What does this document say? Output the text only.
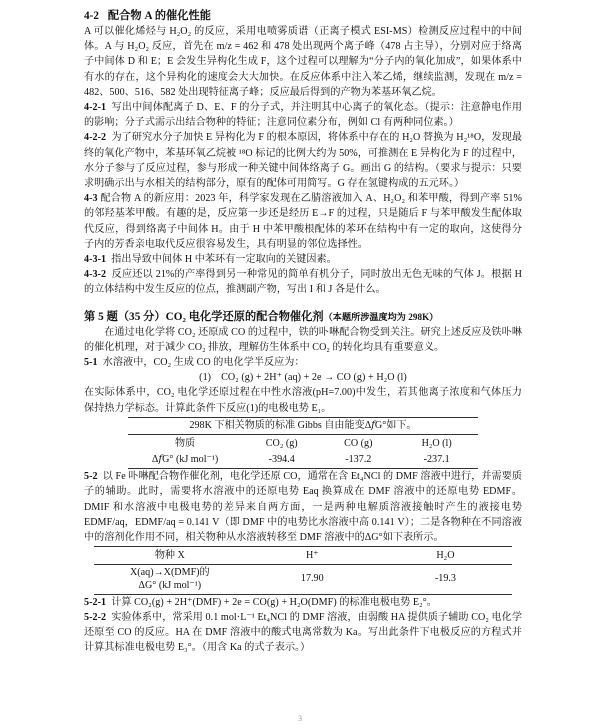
4-2 配合物 A 的催化性能

A 可以催化烯烃与 H₂O₂ 的反应，采用电喷雾质谱（正离子模式 ESI-MS）检测反应过程中的中间体。A 与 H₂O₂ 反应，首先在 m/z = 462 和 478 处出现两个离子峰（478 占主导），分别对应于络离子中间体 D 和 E；E 会发生异构化生成 F，这个过程可以理解为“分子内的氧化加成”，如果体系中有水的存在，这个异构化的速度会大大加快。在反应体系中注入苯乙烯，继续监测，发现在 m/z = 482、500、516、582 处出现特征离子峰；反应最后得到的产物为苯基环氧乙烷。

4-2-1 写出中间体配离子 D、E、F 的分子式，并注明其中心离子的氧化态。（提示：注意静电作用的影响；分子式需示出结合物种的特征；注意同位素分布，例如 Cl 有两种同位素。）

4-2-2 为了研究水分子加快 E 异构化为 F 的根本原因，将体系中存在的 H₂O 替换为 H₂¹⁸O，发现最终的氧化产物中，苯基环氧乙烷被 ¹⁸O 标记的比例大约为 50%，可推测在 E 异构化为 F 的过程中，水分子参与了反应过程，参与形成一种关键中间体络离子 G。画出 G 的结构。（要求与提示：只要求明确示出与水相关的结构部分，原有的配体可用简写。G 存在氢键构成的五元环。）

4-3 配合物 A 的新应用：2023 年，科学家发现在乙腈溶液加入 A、H₂O₂ 和苯甲酸，得到产率 51%的邻羟基苯甲酸。有趣的是，反应第一步还是经历 E→F 的过程，只是随后 F 与苯甲酸发生配体取代反应，得到络离子中间体 H。由于 H 中苯甲酸根配体的苯环在结构中有一定的取向，这使得分子内的芳香亲电取代反应很容易发生，具有明显的邻位选择性。

4-3-1 指出导致中间体 H 中苯环有一定取向的关键因素。

4-3-2 反应还以 21%的产率得到另一种常见的简单有机分子，同时放出无色无味的气体 J。根据 H 的立体结构中发生反应的位点，推测副产物，写出 I 和 J 各是什么。

第 5 题（35 分）CO₂ 电化学还原的配合物催化剂（本题所涉温度均为 298K）

在通过电化学将 CO₂ 还原成 CO 的过程中，铁的卟啉配合物受到关注。研究上述反应及铁卟啉的催化机理，对于减少 CO₂ 排放，理解仿生体系中 CO₂ 的转化均具有重要意义。

5-1 水溶液中，CO₂ 生成 CO 的电化学半反应为：

(1) CO₂ (g) + 2H⁺ (aq) + 2e → CO (g) + H₂O (l)

在实际体系中，CO₂ 电化学还原过程在中性水溶液(pH=7.00)中发生，若其他离子浓度和气体压力保持热力学标态。计算此条件下反应(1)的电极电势 E₁。

298K 下相关物质的标准 Gibbs 自由能变Δ𝑓G°如下。			
物质	CO₂ (g)	CO (g)	H₂O (l)
Δ𝑓G° (kJ mol⁻¹)	-394.4	-137.2	-237.1

5-2 以 Fe 卟啉配合物作催化剂，电化学还原 CO，通常在含 Et₄NCl 的 DMF 溶液中进行，并需要质子的辅助。此时，需要将水溶液中的还原电势 Eaq 换算成在 DMF 溶液中的还原电势 EDMF。DMIF 和水溶液中电极电势的差异来自两方面，一是两种电解质溶液接触时产生的液接电势 EDMF/aq，EDMF/aq = 0.141 V（即 DMF 中的电势比水溶液中高 0.141 V）；二是各物种在不同溶液中的溶剂化作用不同，相关物种从水溶液转移至 DMF 溶液中的ΔG°如下表所示。

物种 X	H⁺	H₂O

X(aq)→X(DMF)的
ΔG° (kJ mol⁻¹)	17.90	-19.3

5-2-1 计算 CO₂(g) + 2H⁺(DMF) + 2e = CO(g) + H₂O(DMF) 的标准电极电势 E₂°。

5-2-2 实验体系中，常采用 0.1 mol·L⁻¹ Et₄NCl 的 DMF 溶液，由弱酸 HA 提供质子辅助 CO₂ 电化学还原至 CO 的反应。HA 在 DMF 溶液中的酸式电离常数为 Ka。写出此条件下电极反应的方程式并计算其标准电极电势 E₃°。（用含 Ka 的式子表示。）

3
